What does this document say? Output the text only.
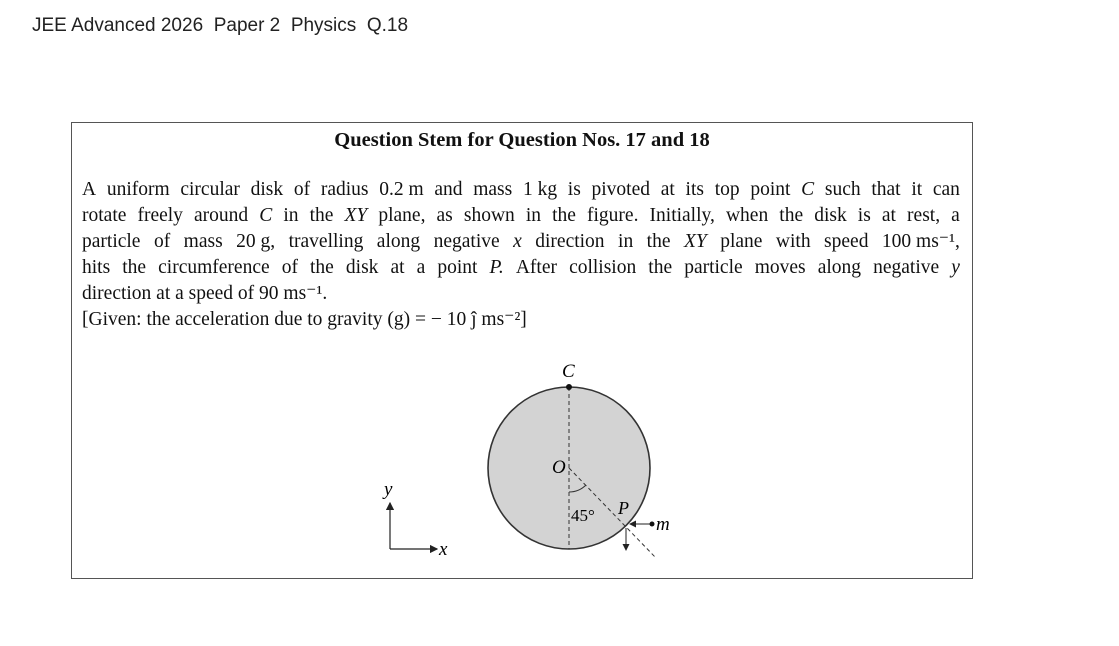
JEE Advanced 2026 Paper 2 Physics Q.18
Question Stem for Question Nos. 17 and 18
A uniform circular disk of radius 0.2 m and mass 1 kg is pivoted at its top point C such that it can
rotate freely around C in the XY plane, as shown in the figure. Initially, when the disk is at rest, a
particle of mass 20 g, travelling along negative x direction in the XY plane with speed 100 ms⁻¹,
hits the circumference of the disk at a point P. After collision the particle moves along negative y
direction at a speed of 90 ms⁻¹.
[Given: the acceleration due to gravity (g) = − 10 ĵ ms⁻²]
C
O
45° P
m
y
x
